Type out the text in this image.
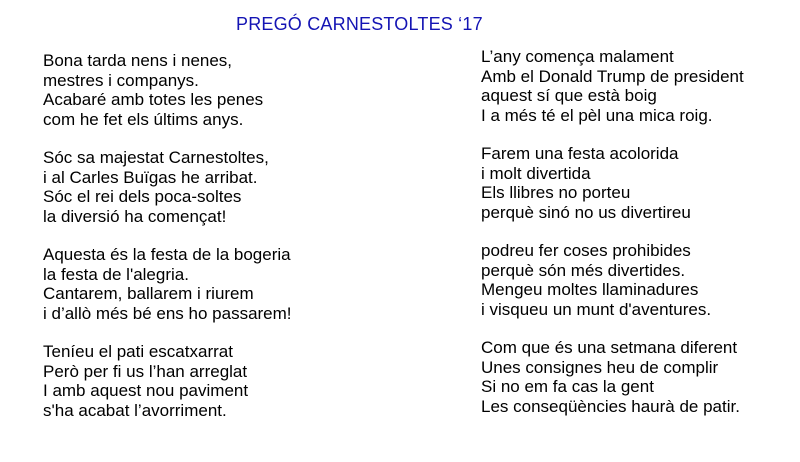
PREGÓ CARNESTOLTES ‘17
Bona tarda nens i nenes,
mestres i companys.
Acabaré amb totes les penes
com he fet els últims anys.
Sóc sa majestat Carnestoltes,
i al Carles Buïgas he arribat.
Sóc el rei dels poca-soltes
la diversió ha començat!
Aquesta és la festa de la bogeria
la festa de l'alegria.
Cantarem, ballarem i riurem
i d’allò més bé ens ho passarem!
Teníeu el pati escatxarrat
Però per fi us l’han arreglat
I amb aquest nou paviment
s'ha acabat l’avorriment.
L’any comença malament
Amb el Donald Trump de president
aquest sí que està boig
I a més té el pèl una mica roig.
Farem una festa acolorida
i molt divertida
Els llibres no porteu
perquè sinó no us divertireu
podreu fer coses prohibides
perquè són més divertides.
Mengeu moltes llaminadures
i visqueu un munt d'aventures.
Com que és una setmana diferent
Unes consignes heu de complir
Si no em fa cas la gent
Les conseqüències haurà de patir.
